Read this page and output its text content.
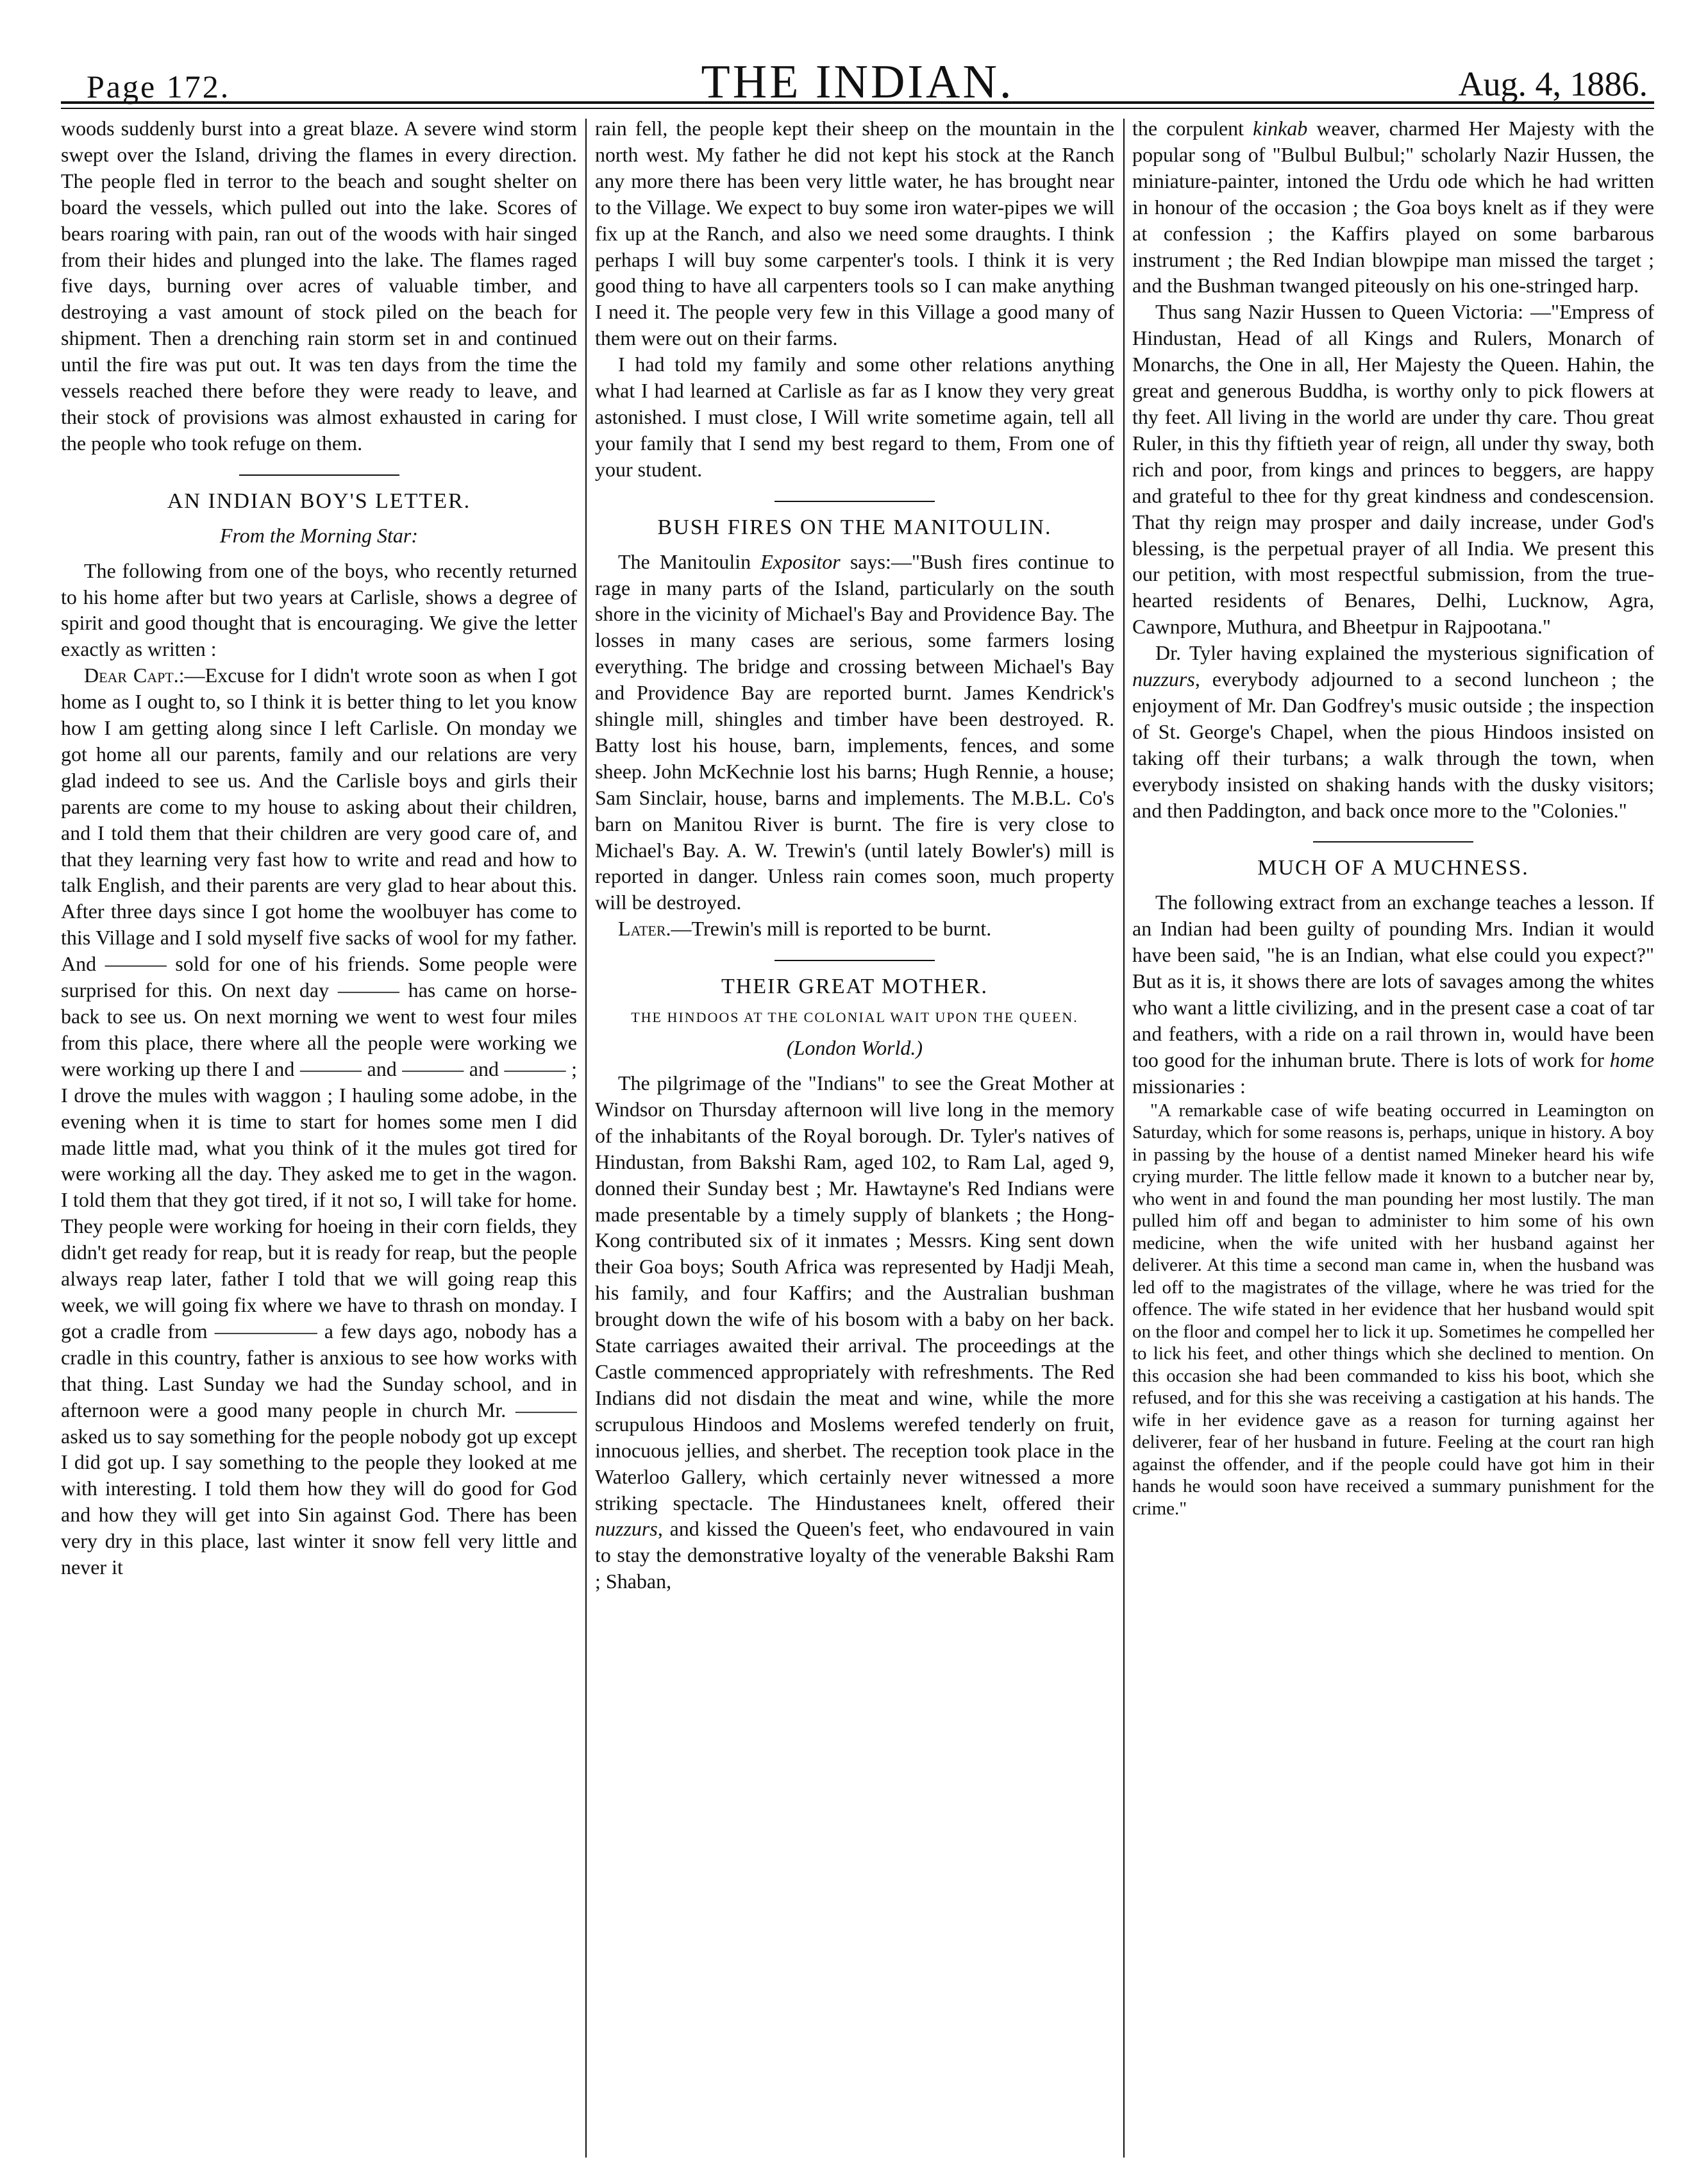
Page 172.	THE INDIAN.	Aug. 4, 1886.

woods suddenly burst into a great blaze. A severe wind storm swept over the Island, driving the flames in every direction. The people fled in terror to the beach and sought shelter on board the vessels, which pulled out into the lake. Scores of bears roaring with pain, ran out of the woods with hair singed from their hides and plunged into the lake. The flames raged five days, burning over acres of valuable timber, and destroying a vast amount of stock piled on the beach for shipment. Then a drenching rain storm set in and continued until the fire was put out. It was ten days from the time the vessels reached there before they were ready to leave, and their stock of provisions was almost exhausted in caring for the people who took refuge on them.

AN INDIAN BOY'S LETTER.
From the Morning Star:

The following from one of the boys, who recently returned to his home after but two years at Carlisle, shows a degree of spirit and good thought that is encouraging. We give the letter exactly as written :

Dear Capt.:—Excuse for I didn't wrote soon as when I got home as I ought to, so I think it is better thing to let you know how I am getting along since I left Carlisle. On monday we got home all our parents, family and our relations are very glad indeed to see us. And the Carlisle boys and girls their parents are come to my house to asking about their children, and I told them that their children are very good care of, and that they learning very fast how to write and read and how to talk English, and their parents are very glad to hear about this. After three days since I got home the woolbuyer has come to this Village and I sold myself five sacks of wool for my father. And ——— sold for one of his friends. Some people were surprised for this. On next day ——— has came on horse-back to see us. On next morning we went to west four miles from this place, there where all the people were working we were working up there I and ——— and ——— and ——— ; I drove the mules with waggon ; I hauling some adobe, in the evening when it is time to start for homes some men I did made little mad, what you think of it the mules got tired for were working all the day. They asked me to get in the wagon. I told them that they got tired, if it not so, I will take for home. They people were working for hoeing in their corn fields, they didn't get ready for reap, but it is ready for reap, but the people always reap later, father I told that we will going reap this week, we will going fix where we have to thrash on monday. I got a cradle from ————— a few days ago, nobody has a cradle in this country, father is anxious to see how works with that thing. Last Sunday we had the Sunday school, and in afternoon were a good many people in church Mr. ——— asked us to say something for the people nobody got up except I did got up. I say something to the people they looked at me with interesting. I told them how they will do good for God and how they will get into Sin against God. There has been very dry in this place, last winter it snow fell very little and never it

rain fell, the people kept their sheep on the mountain in the north west. My father he did not kept his stock at the Ranch any more there has been very little water, he has brought near to the Village. We expect to buy some iron water-pipes we will fix up at the Ranch, and also we need some draughts. I think perhaps I will buy some carpenter's tools. I think it is very good thing to have all carpenters tools so I can make anything I need it. The people very few in this Village a good many of them were out on their farms.

I had told my family and some other relations anything what I had learned at Carlisle as far as I know they very great astonished. I must close, I Will write sometime again, tell all your family that I send my best regard to them, From one of your student.

BUSH FIRES ON THE MANITOULIN.

The Manitoulin Expositor says:—"Bush fires continue to rage in many parts of the Island, particularly on the south shore in the vicinity of Michael's Bay and Providence Bay. The losses in many cases are serious, some farmers losing everything. The bridge and crossing between Michael's Bay and Providence Bay are reported burnt. James Kendrick's shingle mill, shingles and timber have been destroyed. R. Batty lost his house, barn, implements, fences, and some sheep. John McKechnie lost his barns; Hugh Rennie, a house; Sam Sinclair, house, barns and implements. The M.B.L. Co's barn on Manitou River is burnt. The fire is very close to Michael's Bay. A. W. Trewin's (until lately Bowler's) mill is reported in danger. Unless rain comes soon, much property will be destroyed.

Later.—Trewin's mill is reported to be burnt.

THEIR GREAT MOTHER.
THE HINDOOS AT THE COLONIAL WAIT UPON THE QUEEN.
(London World.)

The pilgrimage of the "Indians" to see the Great Mother at Windsor on Thursday afternoon will live long in the memory of the inhabitants of the Royal borough. Dr. Tyler's natives of Hindustan, from Bakshi Ram, aged 102, to Ram Lal, aged 9, donned their Sunday best ; Mr. Hawtayne's Red Indians were made presentable by a timely supply of blankets ; the Hong-Kong contributed six of it inmates ; Messrs. King sent down their Goa boys; South Africa was represented by Hadji Meah, his family, and four Kaffirs; and the Australian bushman brought down the wife of his bosom with a baby on her back. State carriages awaited their arrival. The proceedings at the Castle commenced appropriately with refreshments. The Red Indians did not disdain the meat and wine, while the more scrupulous Hindoos and Moslems werefed tenderly on fruit, innocuous jellies, and sherbet. The reception took place in the Waterloo Gallery, which certainly never witnessed a more striking spectacle. The Hindustanees knelt, offered their nuzzurs, and kissed the Queen's feet, who endavoured in vain to stay the demonstrative loyalty of the venerable Bakshi Ram ; Shaban,

the corpulent kinkab weaver, charmed Her Majesty with the popular song of "Bulbul Bulbul;" scholarly Nazir Hussen, the miniature-painter, intoned the Urdu ode which he had written in honour of the occasion ; the Goa boys knelt as if they were at confession ; the Kaffirs played on some barbarous instrument ; the Red Indian blowpipe man missed the target ; and the Bushman twanged piteously on his one-stringed harp.

Thus sang Nazir Hussen to Queen Victoria: —"Empress of Hindustan, Head of all Kings and Rulers, Monarch of Monarchs, the One in all, Her Majesty the Queen. Hahin, the great and generous Buddha, is worthy only to pick flowers at thy feet. All living in the world are under thy care. Thou great Ruler, in this thy fiftieth year of reign, all under thy sway, both rich and poor, from kings and princes to beggers, are happy and grateful to thee for thy great kindness and condescension. That thy reign may prosper and daily increase, under God's blessing, is the perpetual prayer of all India. We present this our petition, with most respectful submission, from the true-hearted residents of Benares, Delhi, Lucknow, Agra, Cawnpore, Muthura, and Bheetpur in Rajpootana."

Dr. Tyler having explained the mysterious signification of nuzzurs, everybody adjourned to a second luncheon ; the enjoyment of Mr. Dan Godfrey's music outside ; the inspection of St. George's Chapel, when the pious Hindoos insisted on taking off their turbans; a walk through the town, when everybody insisted on shaking hands with the dusky visitors; and then Paddington, and back once more to the "Colonies."

MUCH OF A MUCHNESS.

The following extract from an exchange teaches a lesson. If an Indian had been guilty of pounding Mrs. Indian it would have been said, "he is an Indian, what else could you expect?" But as it is, it shows there are lots of savages among the whites who want a little civilizing, and in the present case a coat of tar and feathers, with a ride on a rail thrown in, would have been too good for the inhuman brute. There is lots of work for home missionaries :

"A remarkable case of wife beating occurred in Leamington on Saturday, which for some reasons is, perhaps, unique in history. A boy in passing by the house of a dentist named Mineker heard his wife crying murder. The little fellow made it known to a butcher near by, who went in and found the man pounding her most lustily. The man pulled him off and began to administer to him some of his own medicine, when the wife united with her husband against her deliverer. At this time a second man came in, when the husband was led off to the magistrates of the village, where he was tried for the offence. The wife stated in her evidence that her husband would spit on the floor and compel her to lick it up. Sometimes he compelled her to lick his feet, and other things which she declined to mention. On this occasion she had been commanded to kiss his boot, which she refused, and for this she was receiving a castigation at his hands. The wife in her evidence gave as a reason for turning against her deliverer, fear of her husband in future. Feeling at the court ran high against the offender, and if the people could have got him in their hands he would soon have received a summary punishment for the crime."
